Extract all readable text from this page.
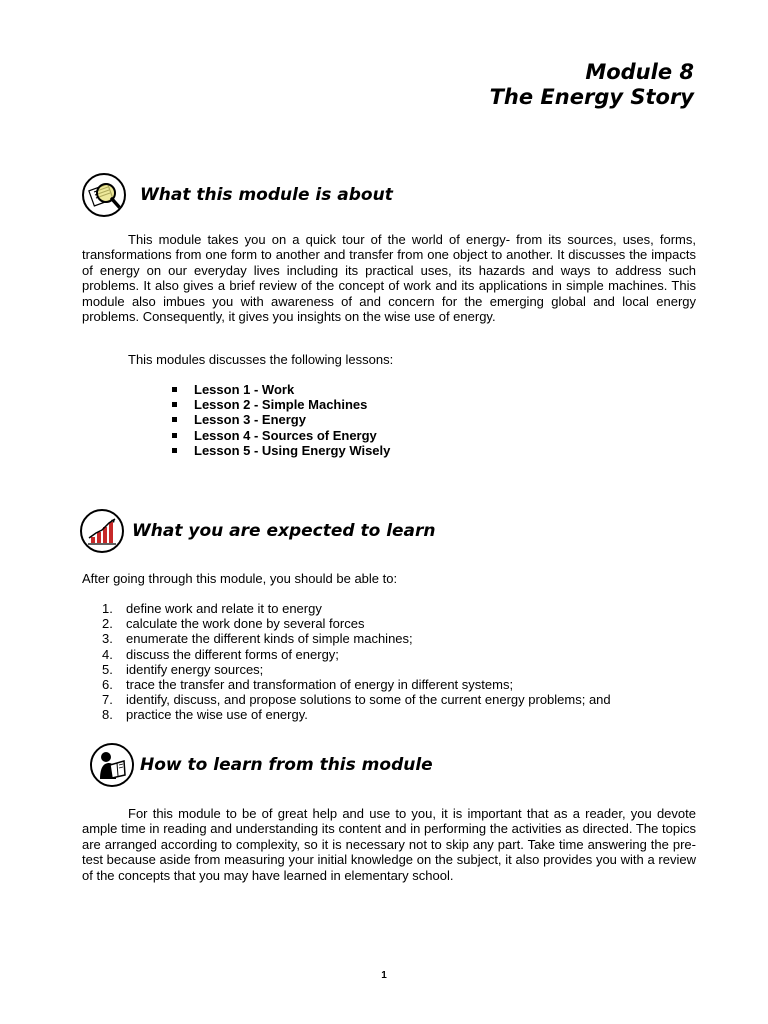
Module 8
The Energy Story
What this module is about

This module takes you on a quick tour of the world of energy- from its sources, uses, forms, transformations from one form to another and transfer from one object to another. It discusses the impacts of energy on our everyday lives including its practical uses, its hazards and ways to address such problems. It also gives a brief review of the concept of work and its applications in simple machines. This module also imbues you with awareness of and concern for the emerging global and local energy problems. Consequently, it gives you insights on the wise use of energy.

This modules discusses the following lessons:

Lesson 1 - Work
Lesson 2 - Simple Machines
Lesson 3 - Energy
Lesson 4 - Sources of Energy
Lesson 5 - Using Energy Wisely
What you are expected to learn

After going through this module, you should be able to:

1.	define work and relate it to energy
2.	calculate the work done by several forces
3.	enumerate the different kinds of simple machines;
4.	discuss the different forms of energy;
5.	identify energy sources;
6.	trace the transfer and transformation of energy in different systems;
7.	identify, discuss, and propose solutions to some of the current energy problems; and
8.	practice the wise use of energy.
How to learn from this module

For this module to be of great help and use to you, it is important that as a reader, you devote ample time in reading and understanding its content and in performing the activities as directed. The topics are arranged according to complexity, so it is necessary not to skip any part. Take time answering the pre-test because aside from measuring your initial knowledge on the subject, it also provides you with a review of the concepts that you may have learned in elementary school.

1
